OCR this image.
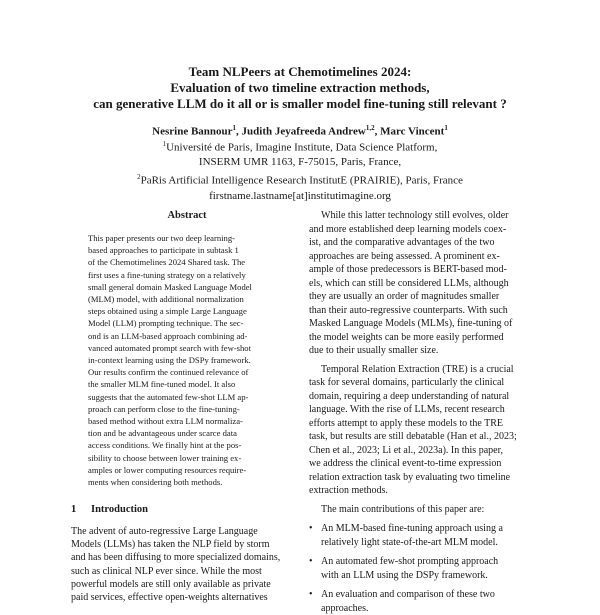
Team NLPeers at Chemotimelines 2024:
Evaluation of two timeline extraction methods,
can generative LLM do it all or is smaller model fine-tuning still relevant ?
Nesrine Bannour$^1$, Judith Jeyafreeda Andrew$^{1,2}$, Marc Vincent$^1$
$^1$Université de Paris, Imagine Institute, Data Science Platform,
INSERM UMR 1163, F-75015, Paris, France,
$^2$PaRis Artificial Intelligence Research InstitutE (PRAIRIE), Paris, France
firstname.lastname[at]institutimagine.org
Abstract
This paper presents our two deep learning-
based approaches to participate in subtask 1
of the Chemotimelines 2024 Shared task. The
first uses a fine-tuning strategy on a relatively
small general domain Masked Language Model
(MLM) model, with additional normalization
steps obtained using a simple Large Language
Model (LLM) prompting technique. The sec-
ond is an LLM-based approach combining ad-
vanced automated prompt search with few-shot
in-context learning using the DSPy framework.
Our results confirm the continued relevance of
the smaller MLM fine-tuned model. It also
suggests that the automated few-shot LLM ap-
proach can perform close to the fine-tuning-
based method without extra LLM normaliza-
tion and be advantageous under scarce data
access conditions. We finally hint at the pos-
sibility to choose between lower training ex-
amples or lower computing resources require-
ments when considering both methods.
1 Introduction
The advent of auto-regressive Large Language
Models (LLMs) has taken the NLP field by storm
and has been diffusing to more specialized domains,
such as clinical NLP ever since. While the most
powerful models are still only available as private
paid services, effective open-weights alternatives
While this latter technology still evolves, older
and more established deep learning models coex-
ist, and the comparative advantages of the two
approaches are being assessed. A prominent ex-
ample of those predecessors is BERT-based mod-
els, which can still be considered LLMs, although
they are usually an order of magnitudes smaller
than their auto-regressive counterparts. With such
Masked Language Models (MLMs), fine-tuning of
the model weights can be more easily performed
due to their usually smaller size.
Temporal Relation Extraction (TRE) is a crucial
task for several domains, particularly the clinical
domain, requiring a deep understanding of natural
language. With the rise of LLMs, recent research
efforts attempt to apply these models to the TRE
task, but results are still debatable (Han et al., 2023;
Chen et al., 2023; Li et al., 2023a). In this paper,
we address the clinical event-to-time expression
relation extraction task by evaluating two timeline
extraction methods.
The main contributions of this paper are:
• An MLM-based fine-tuning approach using a
relatively light state-of-the-art MLM model.
• An automated few-shot prompting approach
with an LLM using the DSPy framework.
• An evaluation and comparison of these two
approaches.
